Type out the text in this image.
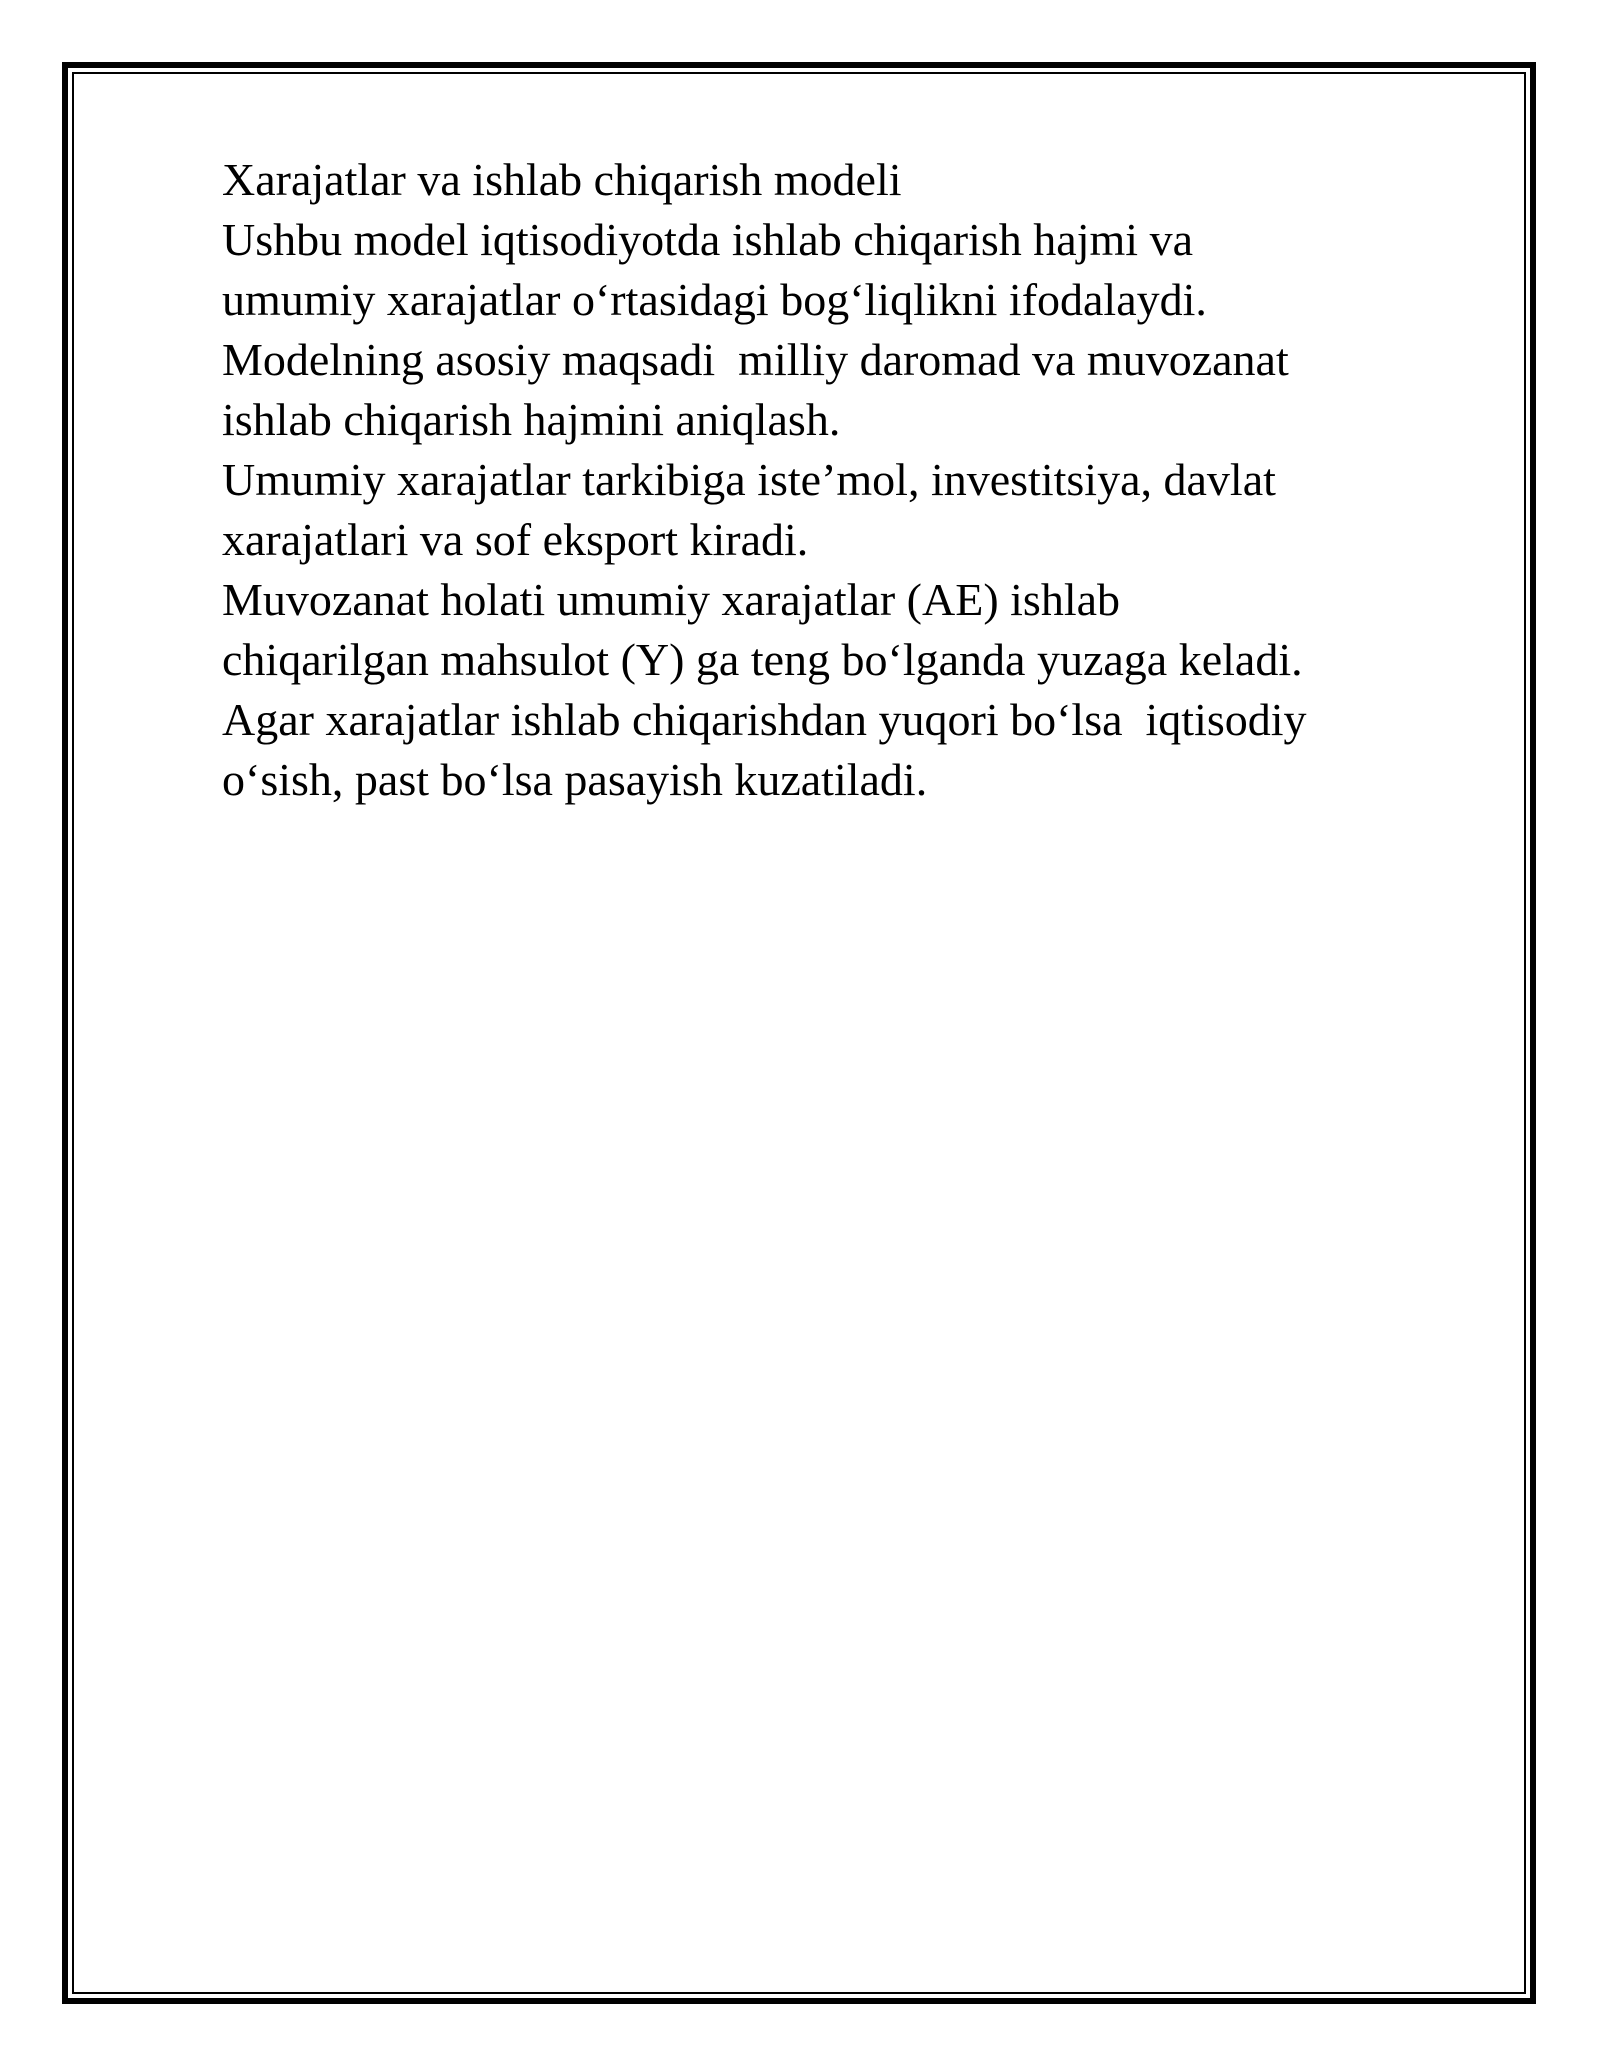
Xarajatlar va ishlab chiqarish modeli
Ushbu model iqtisodiyotda ishlab chiqarish hajmi va
umumiy xarajatlar o‘rtasidagi bog‘liqlikni ifodalaydi.
Modelning asosiy maqsadi  milliy daromad va muvozanat
ishlab chiqarish hajmini aniqlash.
Umumiy xarajatlar tarkibiga iste’mol, investitsiya, davlat
xarajatlari va sof eksport kiradi.
Muvozanat holati umumiy xarajatlar (AE) ishlab
chiqarilgan mahsulot (Y) ga teng bo‘lganda yuzaga keladi.
Agar xarajatlar ishlab chiqarishdan yuqori bo‘lsa  iqtisodiy
o‘sish, past bo‘lsa pasayish kuzatiladi.
